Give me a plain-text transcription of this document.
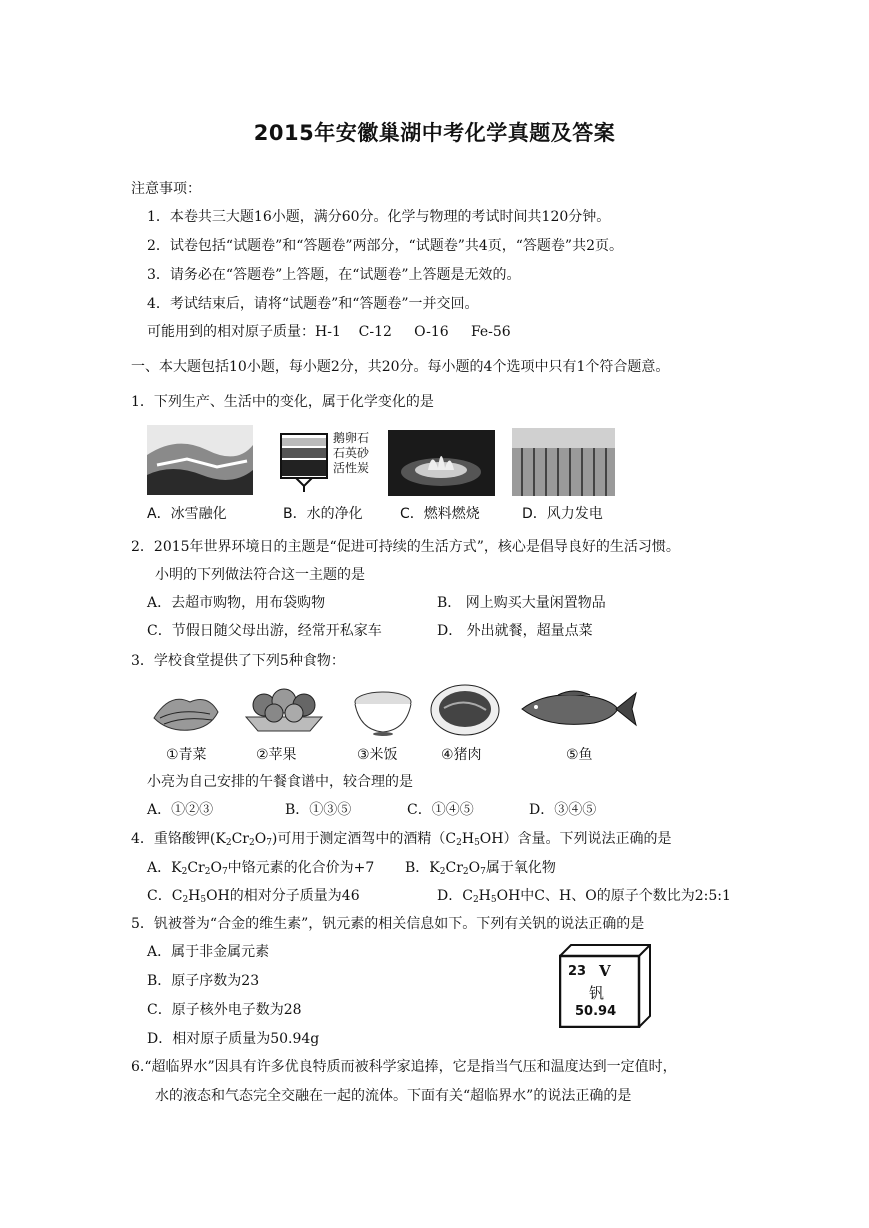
2015年安徽巢湖中考化学真题及答案
注意事项：
1．本卷共三大题16小题，满分60分。化学与物理的考试时间共120分钟。
2．试卷包括“试题卷”和“答题卷”两部分，“试题卷”共4页，“答题卷”共2页。
3．请务必在“答题卷”上答题，在“试题卷”上答题是无效的。
4．考试结束后，请将“试题卷”和“答题卷”一并交回。
可能用到的相对原子质量：H-1    C-12     O-16     Fe-56
一、本大题包括10小题，每小题2分，共20分。每小题的4个选项中只有1个符合题意。
1．下列生产、生活中的变化，属于化学变化的是
鹅卵石
石英砂
活性炭
A．冰雪融化	B．水的净化	C．燃料燃烧	D．风力发电
2．2015年世界环境日的主题是“促进可持续的生活方式”，核心是倡导良好的生活习惯。
小明的下列做法符合这一主题的是
A．去超市购物，用布袋购物	B． 网上购买大量闲置物品
C．节假日随父母出游，经常开私家车	D． 外出就餐，超量点菜
3．学校食堂提供了下列5种食物：
①青菜	②苹果	③米饭	④猪肉	⑤鱼
小亮为自己安排的午餐食谱中，较合理的是
A．①②③	B．①③⑤	C．①④⑤	D．③④⑤
4．重铬酸钾$(K_2Cr_2O_7)$可用于测定酒驾中的酒精$(C_2H_5OH)$含量。下列说法正确的是
A．$K_2Cr_2O_7$中铬元素的化合价为+7 B．$K_2Cr_2O_7$属于氧化物
C．$C_2H_5OH$的相对分子质量为46	D．$C_2H_5OH$中C、H、O的原子个数比为2:5:1
5．钒被誉为“合金的维生素”，钒元素的相关信息如下。下列有关钒的说法正确的是
A．属于非金属元素
B．原子序数为23
C．原子核外电子数为28
D．相对原子质量为50.94g
23 V
钒
50.94
6.“超临界水”因具有许多优良特质而被科学家追捧，它是指当气压和温度达到一定值时，
水的液态和气态完全交融在一起的流体。下面有关“超临界水”的说法正确的是
